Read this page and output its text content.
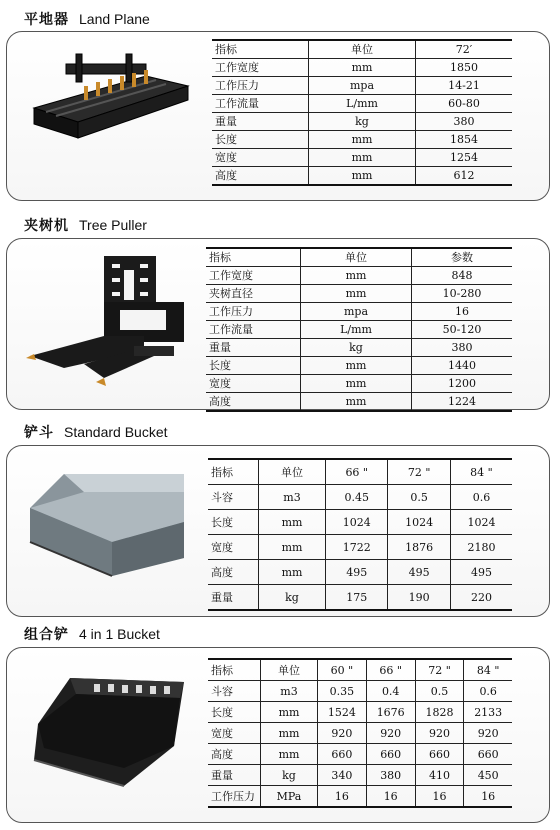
平地器 Land Plane
指标	单位	72′
工作宽度	mm	1850
工作压力	mpa	14-21
工作流量	L/mm	60-80
重量	kg	380
长度	mm	1854
宽度	mm	1254
高度	mm	612
夹树机 Tree Puller
指标	单位	参数
工作宽度	mm	848
夹树直径	mm	10-280
工作压力	mpa	16
工作流量	L/mm	50-120
重量	kg	380
长度	mm	1440
宽度	mm	1200
高度	mm	1224
铲斗 Standard Bucket
指标	单位	66 "	72 "	84 "
斗容	m3	0.45	0.5	0.6
长度	mm	1024	1024	1024
宽度	mm	1722	1876	2180
高度	mm	495	495	495
重量	kg	175	190	220
组合铲 4 in 1 Bucket
指标	单位	60 "	66 "	72 "	84 "
斗容	m3	0.35	0.4	0.5	0.6
长度	mm	1524	1676	1828	2133
宽度	mm	920	920	920	920
高度	mm	660	660	660	660
重量	kg	340	380	410	450
工作压力	MPa	16	16	16	16
